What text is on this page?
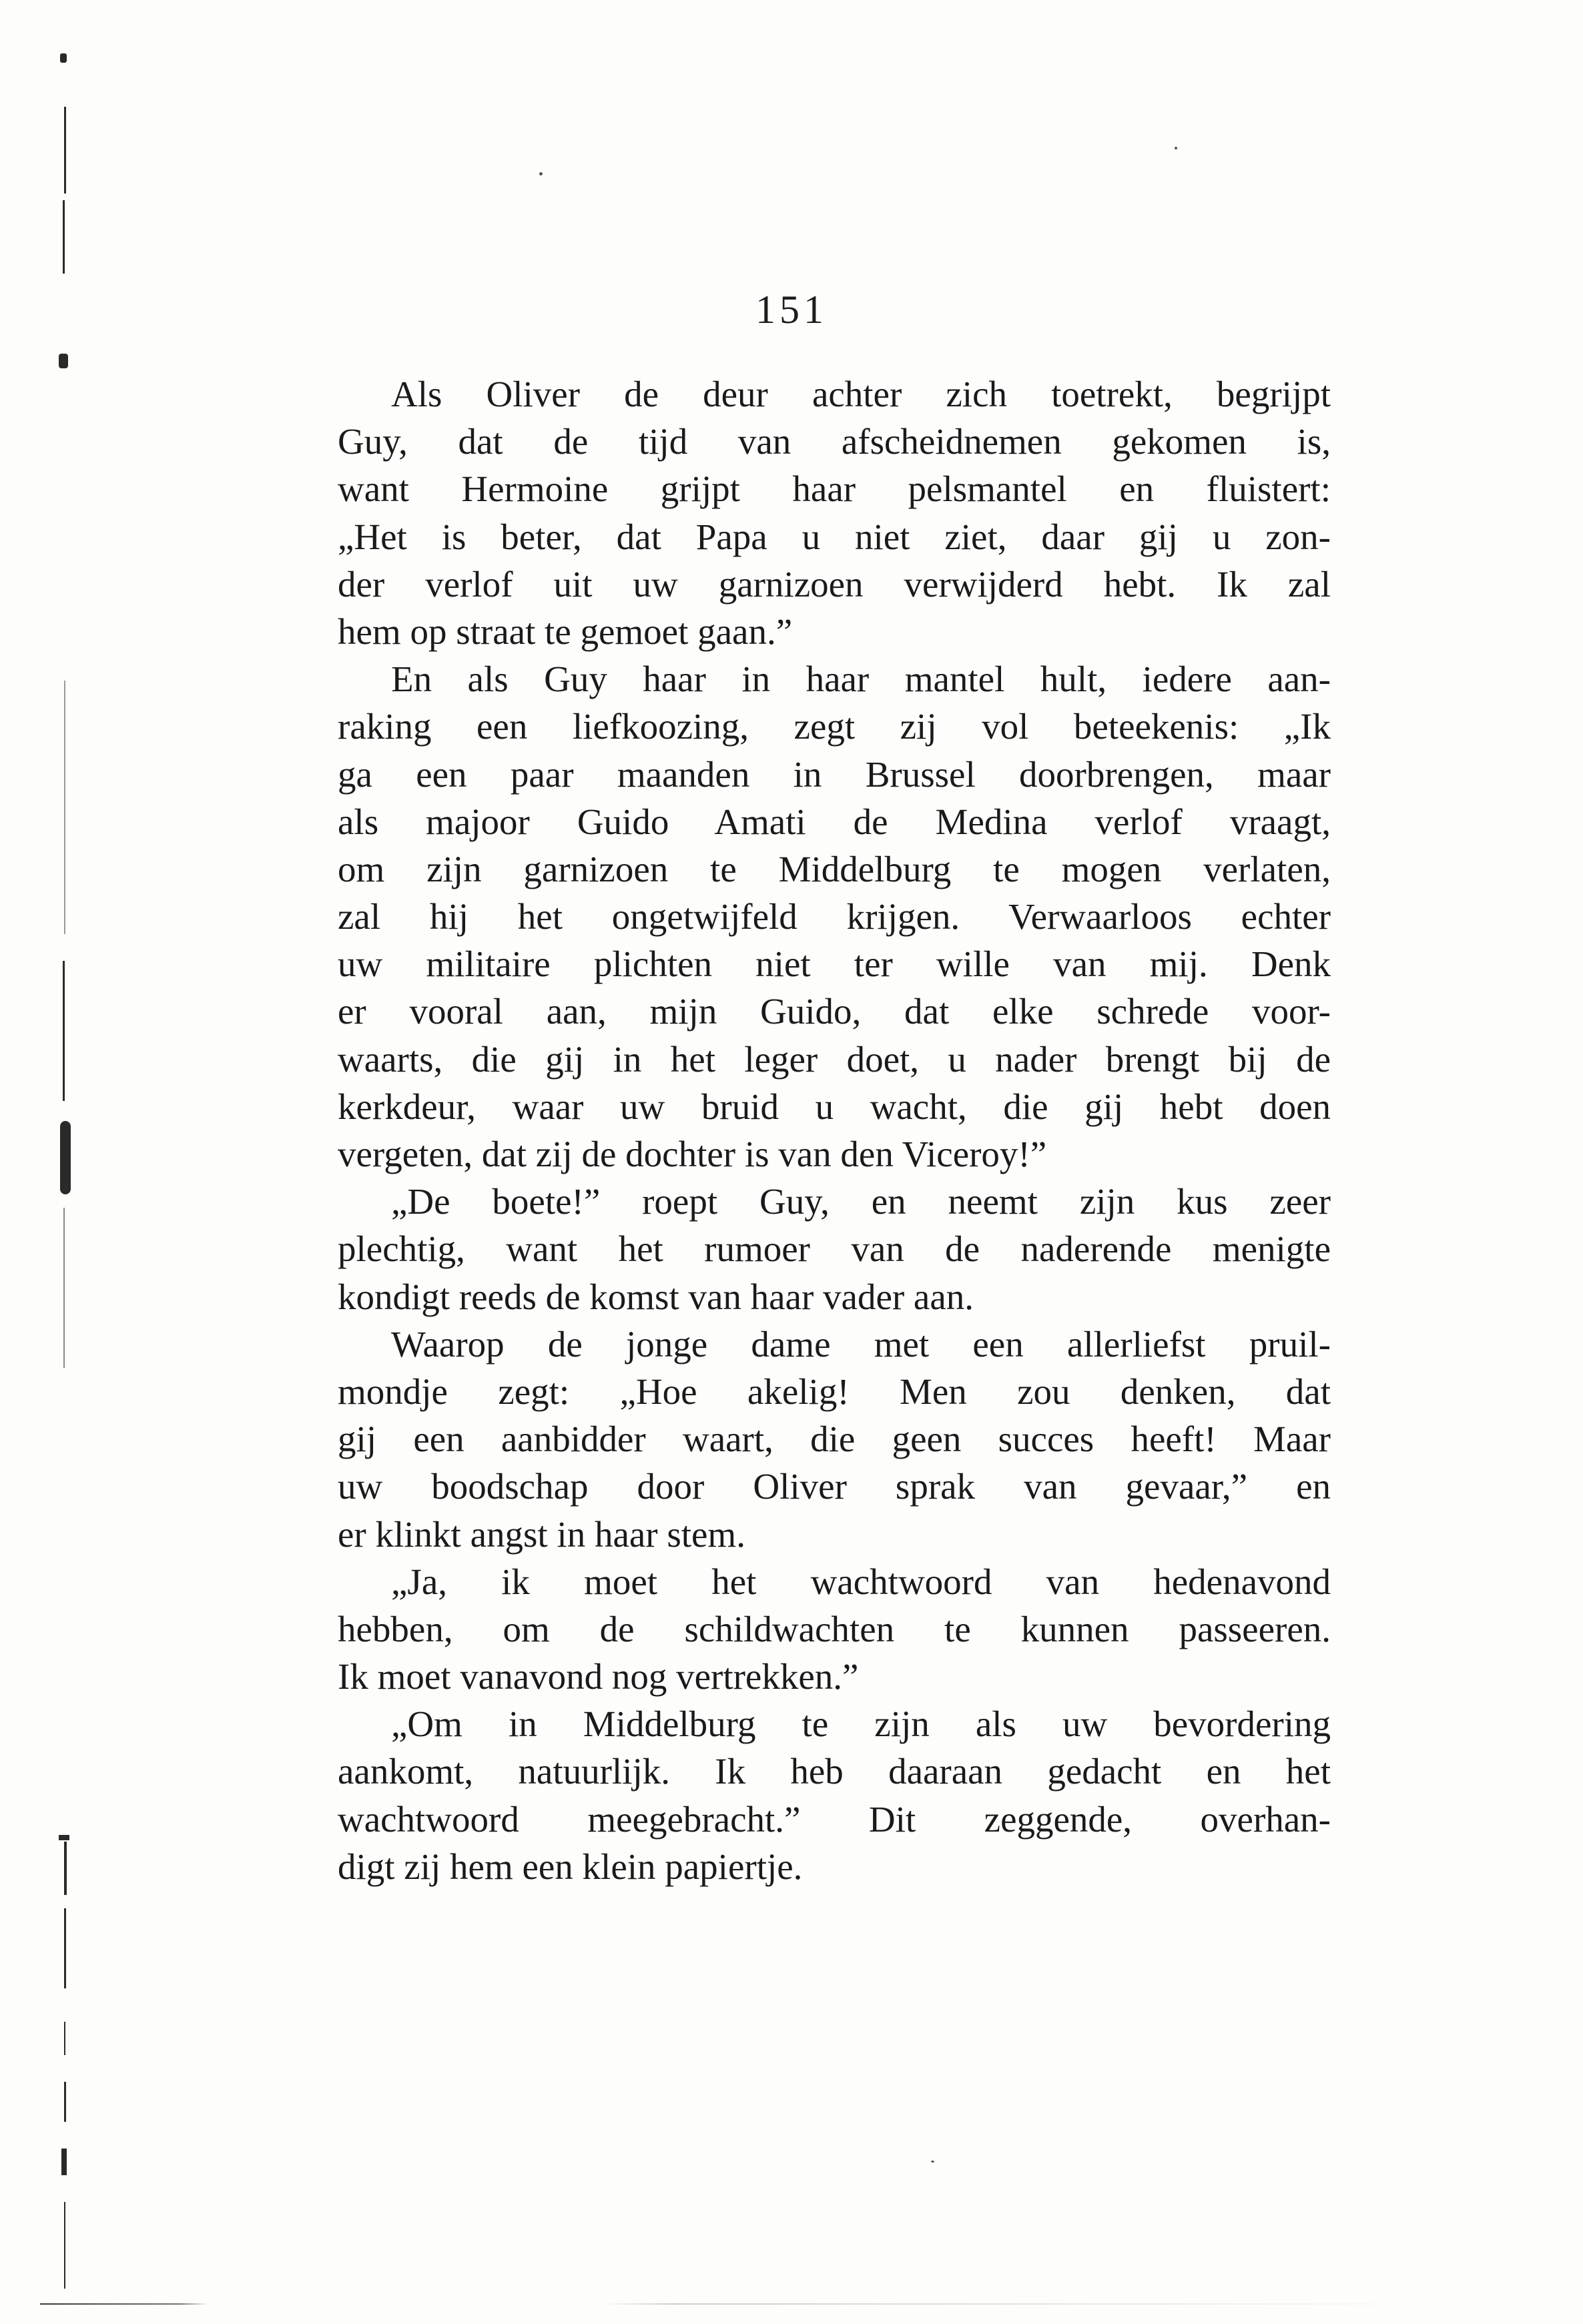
151
Als Oliver de deur achter zich toetrekt, begrijpt
Guy, dat de tijd van afscheidnemen gekomen is,
want Hermoine grijpt haar pelsmantel en fluistert:
„Het is beter, dat Papa u niet ziet, daar gij u zon-
der verlof uit uw garnizoen verwijderd hebt. Ik zal
hem op straat te gemoet gaan.”
En als Guy haar in haar mantel hult, iedere aan-
raking een liefkoozing, zegt zij vol beteekenis: „Ik
ga een paar maanden in Brussel doorbrengen, maar
als majoor Guido Amati de Medina verlof vraagt,
om zijn garnizoen te Middelburg te mogen verlaten,
zal hij het ongetwijfeld krijgen. Verwaarloos echter
uw militaire plichten niet ter wille van mij. Denk
er vooral aan, mijn Guido, dat elke schrede voor-
waarts, die gij in het leger doet, u nader brengt bij de
kerkdeur, waar uw bruid u wacht, die gij hebt doen
vergeten, dat zij de dochter is van den Viceroy!”
„De boete!” roept Guy, en neemt zijn kus zeer
plechtig, want het rumoer van de naderende menigte
kondigt reeds de komst van haar vader aan.
Waarop de jonge dame met een allerliefst pruil-
mondje zegt: „Hoe akelig! Men zou denken, dat
gij een aanbidder waart, die geen succes heeft! Maar
uw boodschap door Oliver sprak van gevaar,” en
er klinkt angst in haar stem.
„Ja, ik moet het wachtwoord van hedenavond
hebben, om de schildwachten te kunnen passeeren.
Ik moet vanavond nog vertrekken.”
„Om in Middelburg te zijn als uw bevordering
aankomt, natuurlijk. Ik heb daaraan gedacht en het
wachtwoord meegebracht.” Dit zeggende, overhan-
digt zij hem een klein papiertje.
